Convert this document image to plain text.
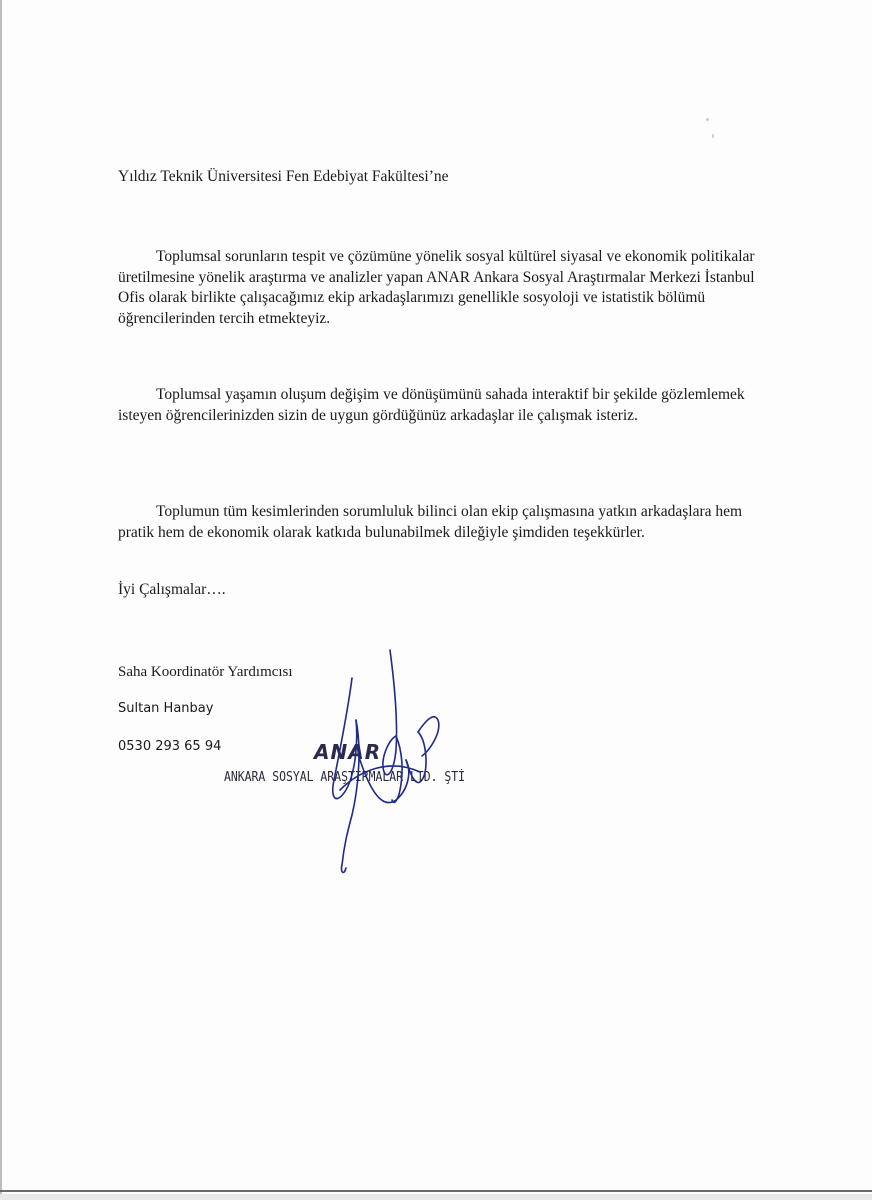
Yıldız Teknik Üniversitesi Fen Edebiyat Fakültesi’ne

Toplumsal sorunların tespit ve çözümüne yönelik sosyal kültürel siyasal ve ekonomik politikalar üretilmesine yönelik araştırma ve analizler yapan ANAR Ankara Sosyal Araştırmalar Merkezi İstanbul Ofis olarak birlikte çalışacağımız ekip arkadaşlarımızı genellikle sosyoloji ve istatistik bölümü öğrencilerinden tercih etmekteyiz.

Toplumsal yaşamın oluşum değişim ve dönüşümünü sahada interaktif bir şekilde gözlemlemek isteyen öğrencilerinizden sizin de uygun gördüğünüz arkadaşlar ile çalışmak isteriz.

Toplumun tüm kesimlerinden sorumluluk bilinci olan ekip çalışmasına yatkın arkadaşlara hem pratik hem de ekonomik olarak katkıda bulunabilmek dileğiyle şimdiden teşekkürler.

İyi Çalışmalar….
Saha Koordinatör Yardımcısı
Sultan Hanbay
0530 293 65 94	ANAR
ANKARA SOSYAL ARAŞTIRMALAR LTD. ŞTİ
